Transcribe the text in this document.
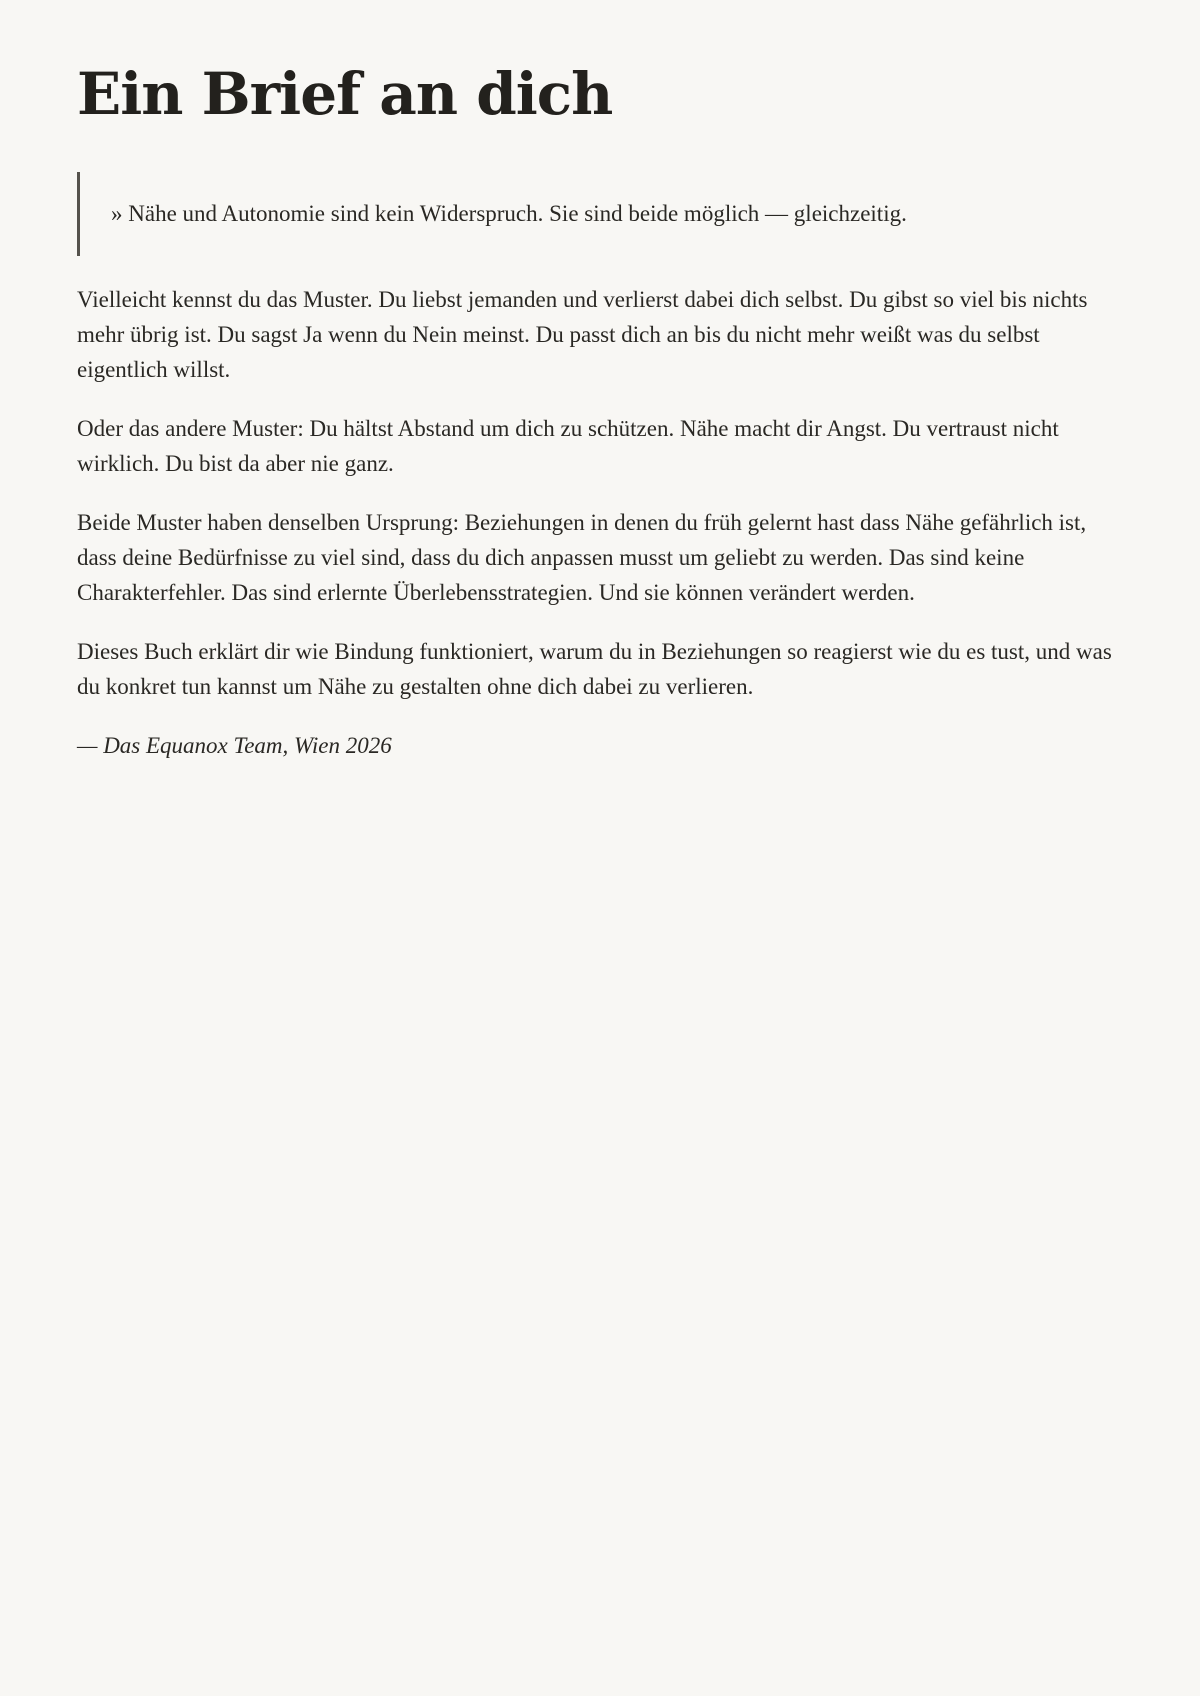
Ein Brief an dich
» Nähe und Autonomie sind kein Widerspruch. Sie sind beide möglich — gleichzeitig.

Vielleicht kennst du das Muster. Du liebst jemanden und verlierst dabei dich selbst. Du gibst so viel bis nichts mehr übrig ist. Du sagst Ja wenn du Nein meinst. Du passt dich an bis du nicht mehr weißt was du selbst eigentlich willst.

Oder das andere Muster: Du hältst Abstand um dich zu schützen. Nähe macht dir Angst. Du vertraust nicht wirklich. Du bist da aber nie ganz.

Beide Muster haben denselben Ursprung: Beziehungen in denen du früh gelernt hast dass Nähe gefährlich ist, dass deine Bedürfnisse zu viel sind, dass du dich anpassen musst um geliebt zu werden. Das sind keine Charakterfehler. Das sind erlernte Überlebensstrategien. Und sie können verändert werden.

Dieses Buch erklärt dir wie Bindung funktioniert, warum du in Beziehungen so reagierst wie du es tust, und was du konkret tun kannst um Nähe zu gestalten ohne dich dabei zu verlieren.

— Das Equanox Team, Wien 2026
